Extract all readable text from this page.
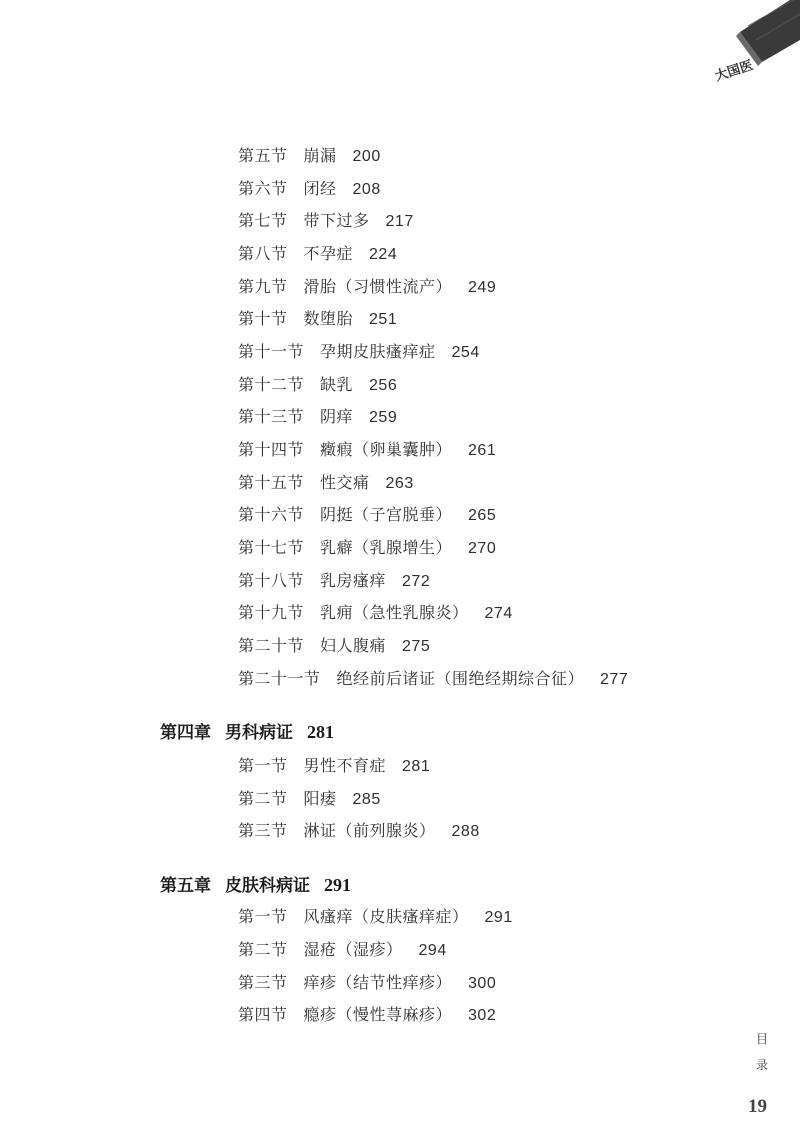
大国医
第五节 崩漏 200
第六节 闭经 208
第七节 带下过多 217
第八节 不孕症 224
第九节 滑胎（习惯性流产） 249
第十节 数堕胎 251
第十一节 孕期皮肤瘙痒症 254
第十二节 缺乳 256
第十三节 阴痒 259
第十四节 癥瘕（卵巢囊肿） 261
第十五节 性交痛 263
第十六节 阴挺（子宫脱垂） 265
第十七节 乳癖（乳腺增生） 270
第十八节 乳房瘙痒 272
第十九节 乳痈（急性乳腺炎） 274
第二十节 妇人腹痛 275
第二十一节 绝经前后诸证（围绝经期综合征） 277
第四章 男科病证 281
第一节 男性不育症 281
第二节 阳痿 285
第三节 淋证（前列腺炎） 288
第五章 皮肤科病证 291
第一节 风瘙痒（皮肤瘙痒症） 291
第二节 湿疮（湿疹） 294
第三节 痒疹（结节性痒疹） 300
第四节 瘾疹（慢性荨麻疹） 302
目
录
19
